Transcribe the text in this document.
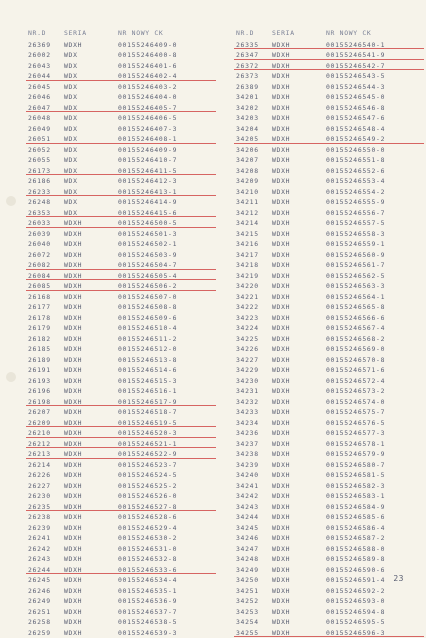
NR.D	SERIA	NR NOWY CK
26369	WDXH	00155246409-0
26002	WDX	00155246400-8
26043	WDX	00155246401-6
26044	WDX	00155246402-4
26045	WDX	00155246403-2
26046	WDX	00155246404-0
26047	WDX	00155246405-7
26048	WDX	00155246406-5
26049	WDX	00155246407-3
26051	WDX	00155246408-1
26052	WDX	00155246409-9
26055	WDX	00155246410-7
26173	WDX	00155246411-5
26186	WDX	00155246412-3
26233	WDX	00155246413-1
26248	WDX	00155246414-9
26353	WDX	00155246415-6
26033	WDXH	00155246500-5
26039	WDXH	00155246501-3
26040	WDXH	00155246502-1
26072	WDXH	00155246503-9
26082	WDXH	00155246504-7
26084	WDXH	00155246505-4
26085	WDXH	00155246506-2
26168	WDXH	00155246507-0
26177	WDXH	00155246508-8
26178	WDXH	00155246509-6
26179	WDXH	00155246510-4
26182	WDXH	00155246511-2
26185	WDXH	00155246512-0
26189	WDXH	00155246513-8
26191	WDXH	00155246514-6
26193	WDXH	00155246515-3
26196	WDXH	00155246516-1
26198	WDXH	00155246517-9
26207	WDXH	00155246518-7
26209	WDXH	00155246519-5
26210	WDXH	00155246520-3
26212	WDXH	00155246521-1
26213	WDXH	00155246522-9
26214	WDXH	00155246523-7
26226	WDXH	00155246524-5
26227	WDXH	00155246525-2
26230	WDXH	00155246526-0
26235	WDXH	00155246527-8
26238	WDXH	00155246528-6
26239	WDXH	00155246529-4
26241	WDXH	00155246530-2
26242	WDXH	00155246531-0
26243	WDXH	00155246532-8
26244	WDXH	00155246533-6
26245	WDXH	00155246534-4
26246	WDXH	00155246535-1
26249	WDXH	00155246536-9
26251	WDXH	00155246537-7
26258	WDXH	00155246538-5
26259	WDXH	00155246539-3
NR.D	SERIA	NR NOWY CK
26335	WDXH	00155246540-1
26347	WDXH	00155246541-9
26372	WDXH	00155246542-7
26373	WDXH	00155246543-5
26389	WDXH	00155246544-3
34201	WDXH	00155246545-0
34202	WDXH	00155246546-8
34203	WDXH	00155246547-6
34204	WDXH	00155246548-4
34205	WDXH	00155246549-2
34206	WDXH	00155246550-0
34207	WDXH	00155246551-8
34208	WDXH	00155246552-6
34209	WDXH	00155246553-4
34210	WDXH	00155246554-2
34211	WDXH	00155246555-9
34212	WDXH	00155246556-7
34214	WDXH	00155246557-5
34215	WDXH	00155246558-3
34216	WDXH	00155246559-1
34217	WDXH	00155246560-9
34218	WDXH	00155246561-7
34219	WDXH	00155246562-5
34220	WDXH	00155246563-3
34221	WDXH	00155246564-1
34222	WDXH	00155246565-8
34223	WDXH	00155246566-6
34224	WDXH	00155246567-4
34225	WDXH	00155246568-2
34226	WDXH	00155246569-0
34227	WDXH	00155246570-8
34229	WDXH	00155246571-6
34230	WDXH	00155246572-4
34231	WDXH	00155246573-2
34232	WDXH	00155246574-0
34233	WDXH	00155246575-7
34234	WDXH	00155246576-5
34236	WDXH	00155246577-3
34237	WDXH	00155246578-1
34238	WDXH	00155246579-9
34239	WDXH	00155246580-7
34240	WDXH	00155246581-5
34241	WDXH	00155246582-3
34242	WDXH	00155246583-1
34243	WDXH	00155246584-9
34244	WDXH	00155246585-6
34245	WDXH	00155246586-4
34246	WDXH	00155246587-2
34247	WDXH	00155246588-0
34248	WDXH	00155246589-8
34249	WDXH	00155246590-6
34250	WDXH	00155246591-4
34251	WDXH	00155246592-2
34252	WDXH	00155246593-0
34253	WDXH	00155246594-8
34254	WDXH	00155246595-5
34255	WDXH	00155246596-3
23
